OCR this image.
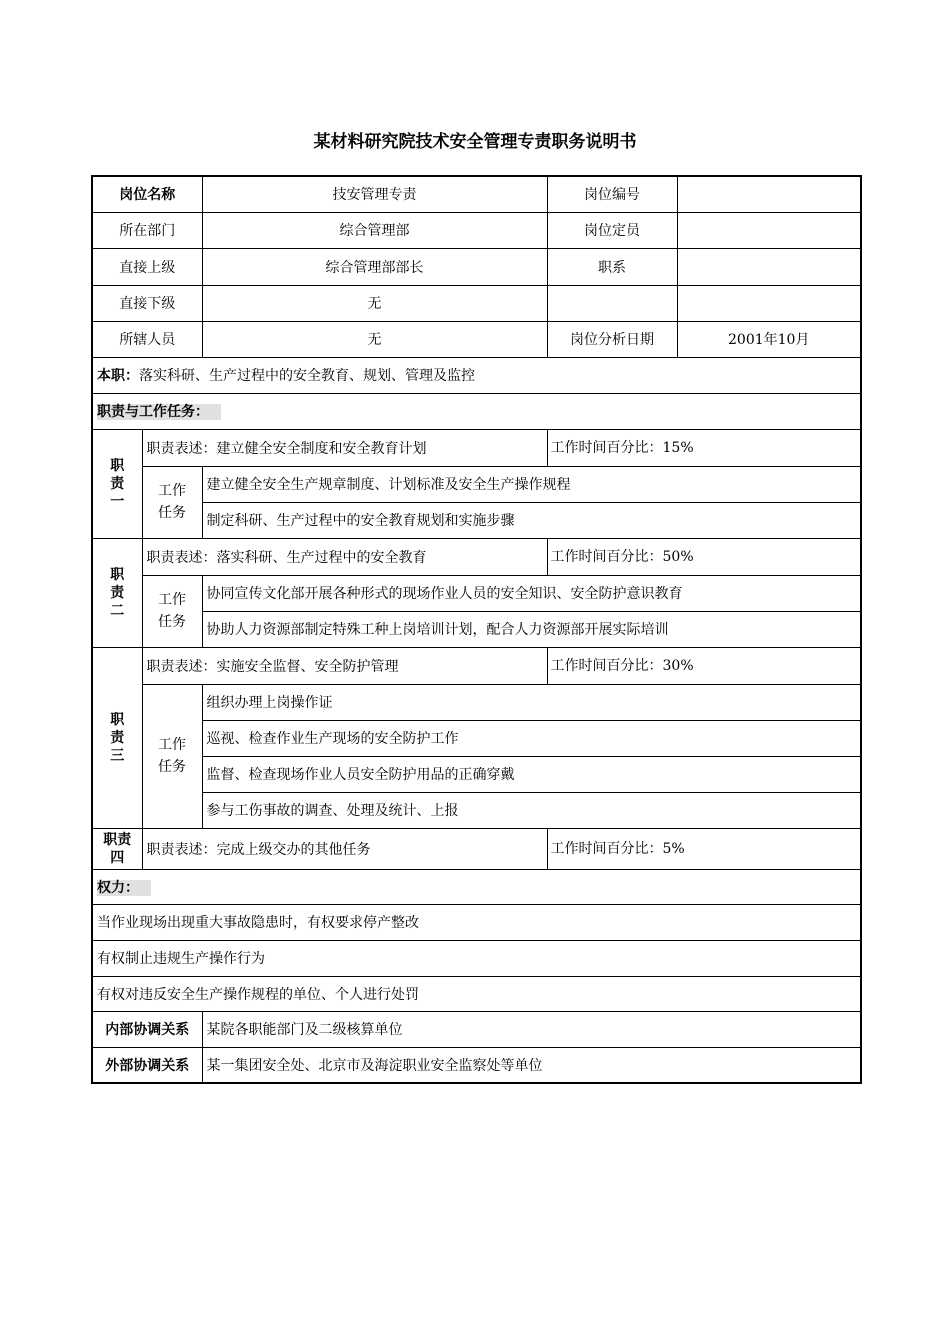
某材料研究院技术安全管理专责职务说明书
岗位名称		技安管理专责	岗位编号	
所在部门		综合管理部	岗位定员	
直接上级		综合管理部部长	职系	
直接下级		无		
所辖人员		无	岗位分析日期	2001年10月
本职：落实科研、生产过程中的安全教育、规划、管理及监控				
职责与工作任务：				
职责一	职责表述：建立健全安全制度和安全教育计划		工作时间百分比：15%	
	工作任务	建立健全安全生产规章制度、计划标准及安全生产操作规程		
		制定科研、生产过程中的安全教育规划和实施步骤		
职责二	职责表述：落实科研、生产过程中的安全教育		工作时间百分比：50%	
	工作任务	协同宣传文化部开展各种形式的现场作业人员的安全知识、安全防护意识教育		
		协助人力资源部制定特殊工种上岗培训计划，配合人力资源部开展实际培训		
职责三	职责表述：实施安全监督、安全防护管理		工作时间百分比：30%	
	工作任务	组织办理上岗操作证		
		巡视、检查作业生产现场的安全防护工作		
		监督、检查现场作业人员安全防护用品的正确穿戴		
		参与工伤事故的调查、处理及统计、上报		
职责四	职责表述：完成上级交办的其他任务		工作时间百分比：5%	
权力：				
当作业现场出现重大事故隐患时，有权要求停产整改				
有权制止违规生产操作行为				
有权对违反安全生产操作规程的单位、个人进行处罚				
内部协调关系		某院各职能部门及二级核算单位		
外部协调关系		某一集团安全处、北京市及海淀职业安全监察处等单位		
